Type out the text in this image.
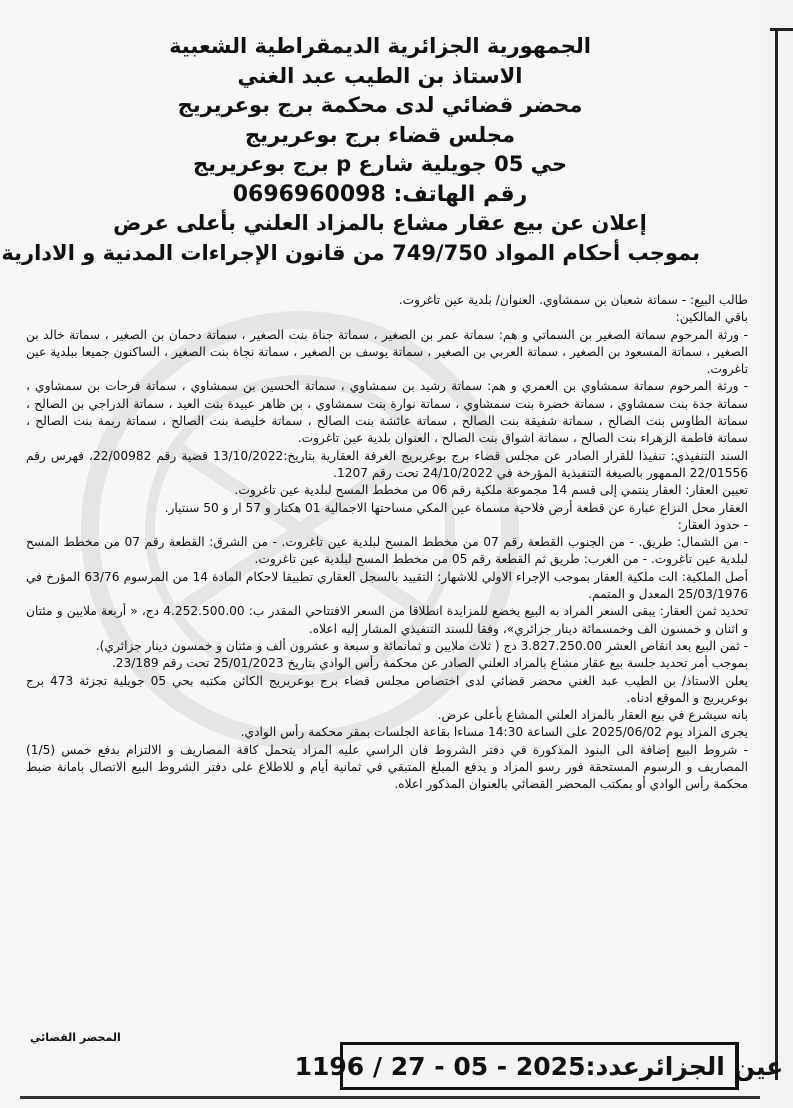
الجمهورية الجزائرية الديمقراطية الشعبية
الاستاذ بن الطيب عبد الغني
محضر قضائي لدى محكمة برج بوعريريج
مجلس قضاء برج بوعريريج
حي 05 جويلية شارع p برج بوعريريج
رقم الهاتف: 0696960098
إعلان عن بيع عقار مشاع بالمزاد العلني بأعلى عرض
بموجب أحكام المواد 749/750 من قانون الإجراءات المدنية و الادارية

طالب البيع: - سماتة شعبان بن سمشاوي. العنوان/ بلدية عين تاغروت.

باقي المالكين:

- ورثة المرحوم سماتة الصغير بن السماتي و هم: سماتة عمر بن الصغير ، سماتة جناة بنت الصغير ، سماتة دحمان بن الصغير ، سماتة خالد بن الصغير ، سماتة المسعود بن الصغير ، سماتة العربي بن الصغير ، سماتة يوسف بن الصغير ، سماتة نجاة بنت الصغير ، الساكنون جميعا ببلدية عين تاغروت.

- ورثة المرحوم سماتة سمشاوي بن العمري و هم: سماتة رشيد بن سمشاوي ، سماتة الحسين بن سمشاوي ، سماتة فرحات بن سمشاوي ، سماتة جدة بنت سمشاوي ، سماتة خضرة بنت سمشاوي ، سماتة نوارة بنت سمشاوي ، بن ظاهر عبيدة بنت العيد ، سماتة الدراجي بن الصالح ، سماتة الطاوس بنت الصالح ، سماتة شفيقة بنت الصالح ، سماتة عائشة بنت الصالح ، سماتة خليصة بنت الصالح ، سماتة ربمة بنت الصالح ، سماتة فاطمة الزهراء بنت الصالح ، سماتة اشواق بنت الصالح ، العنوان بلدية عين تاغروت.

السند التنفيذي: تنفيذا للقرار الصادر عن مجلس قضاء برج بوعريريج الغرفة العقارية بتاريخ:13/10/2022 قضية رقم 22/00982، فهرس رقم 22/01556 الممهور بالصيغة التنفيذية المؤرخة في 24/10/2022 تحت رقم 1207.

تعيين العقار: العقار ينتمي إلى قسم 14 مجموعة ملكية رقم 06 من مخطط المسح لبلدية عين تاغروت.

العقار محل النزاع عبارة عن قطعة أرض فلاحية مسماة عين المكي مساحتها الاجمالية 01 هكتار و 57 ار و 50 سنتيار.

- حدود العقار:

- من الشمال: طريق. - من الجنوب القطعة رقم 07 من مخطط المسح لبلدية عين تاغروت. - من الشرق: القطعة رقم 07 من مخطط المسح لبلدية عين تاغروت. - من الغرب: طريق ثم القطعة رقم 05 من مخطط المسح لبلدية عين تاغروت.

أصل الملكية: الت ملكية العقار بموجب الإجراء الاولي للاشهار: التقييد بالسجل العقاري تطبيقا لاحكام المادة 14 من المرسوم 63/76 المؤرخ في 25/03/1976 المعدل و المتمم.

تحديد ثمن العقار: يبقى السعر المراد به البيع يخضع للمزايدة انطلاقا من السعر الافتتاحي المقدر ب: 4.252.500.00 دج، « أربعة ملايين و مئتان و اثنان و خمسون الف وخمسمائة دينار جزائري»، وفقا للسند التنفيذي المشار إليه اعلاه.

- ثمن البيع بعد انقاص العشر 3.827.250.00 دج ( ثلاث ملايين و ثمانمائة و سبعة و عشرون ألف و مئتان و خمسون دينار جزائري).

بموجب أمر تحديد جلسة بيع عقار مشاع بالمزاد العلني الصادر عن محكمة رأس الوادي بتاريخ 25/01/2023 تحت رقم 23/189.

يعلن الاستاذ/ بن الطيب عبد الغني محضر قضائي لدى اختصاص مجلس قضاء برج بوعريريج الكائن مكتبه بحي 05 جويلية تجزئة 473 برج بوعريريج و الموقع ادناه.

بانه سيشرع في بيع العقار بالمزاد العلني المشاع بأعلى عرض.

يجرى المزاد يوم 2025/06/02 على الساعة 14:30 مساءا بقاعة الجلسات بمقر محكمة رأس الوادي.

- شروط البيع إضافة الى البنود المذكورة في دفتر الشروط فان الراسي عليه المزاد يتحمل كافة المصاريف و الالتزام بدفع خمس (1/5) المصاريف و الرسوم المستحقة فور رسو المزاد و يدفع المبلغ المتبقي في ثمانية أيام و للاطلاع على دفتر الشروط البيع الاتصال بامانة ضبط محكمة رأس الوادي أو بمكتب المحضر القضائي بالعنوان المذكور اعلاه.

المحضر القضائي
عين الجزائرعدد:
1196 / 27 - 05 - 2025
